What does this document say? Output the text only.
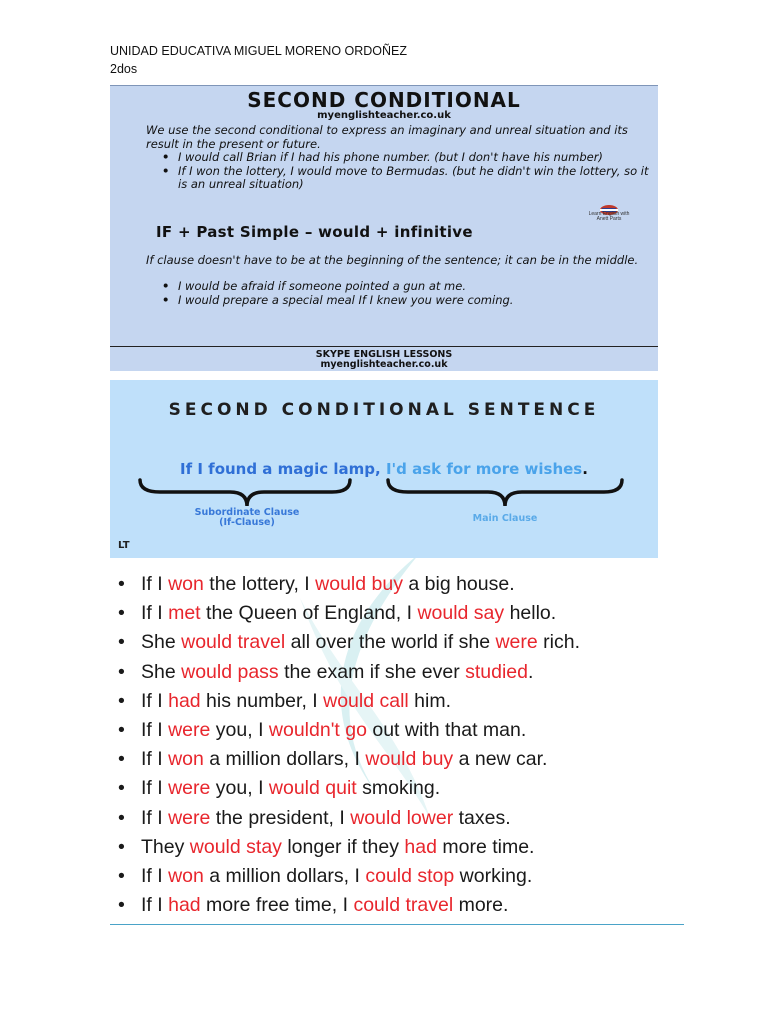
UNIDAD EDUCATIVA MIGUEL MORENO ORDOÑEZ
2dos
SECOND CONDITIONAL
myenglishteacher.co.uk
We use the second conditional to express an imaginary and unreal situation and its result in the present or future.
• I would call Brian if I had his phone number. (but I don't have his number)
• If I won the lottery, I would move to Bermudas. (but he didn't win the lottery, so it is an unreal situation)
IF + Past Simple – would + infinitive
Learn English with Anett Parts
If clause doesn't have to be at the beginning of the sentence; it can be in the middle.
• I would be afraid if someone pointed a gun at me.
• I would prepare a special meal If I knew you were coming.
SKYPE ENGLISH LESSONS
myenglishteacher.co.uk
SECOND CONDITIONAL SENTENCE
If I found a magic lamp, I'd ask for more wishes.
Subordinate Clause
(If-Clause)	Main Clause
LT
• If I won the lottery, I would buy a big house.
• If I met the Queen of England, I would say hello.
• She would travel all over the world if she were rich.
• She would pass the exam if she ever studied.
• If I had his number, I would call him.
• If I were you, I wouldn't go out with that man.
• If I won a million dollars, I would buy a new car.
• If I were you, I would quit smoking.
• If I were the president, I would lower taxes.
• They would stay longer if they had more time.
• If I won a million dollars, I could stop working.
• If I had more free time, I could travel more.
